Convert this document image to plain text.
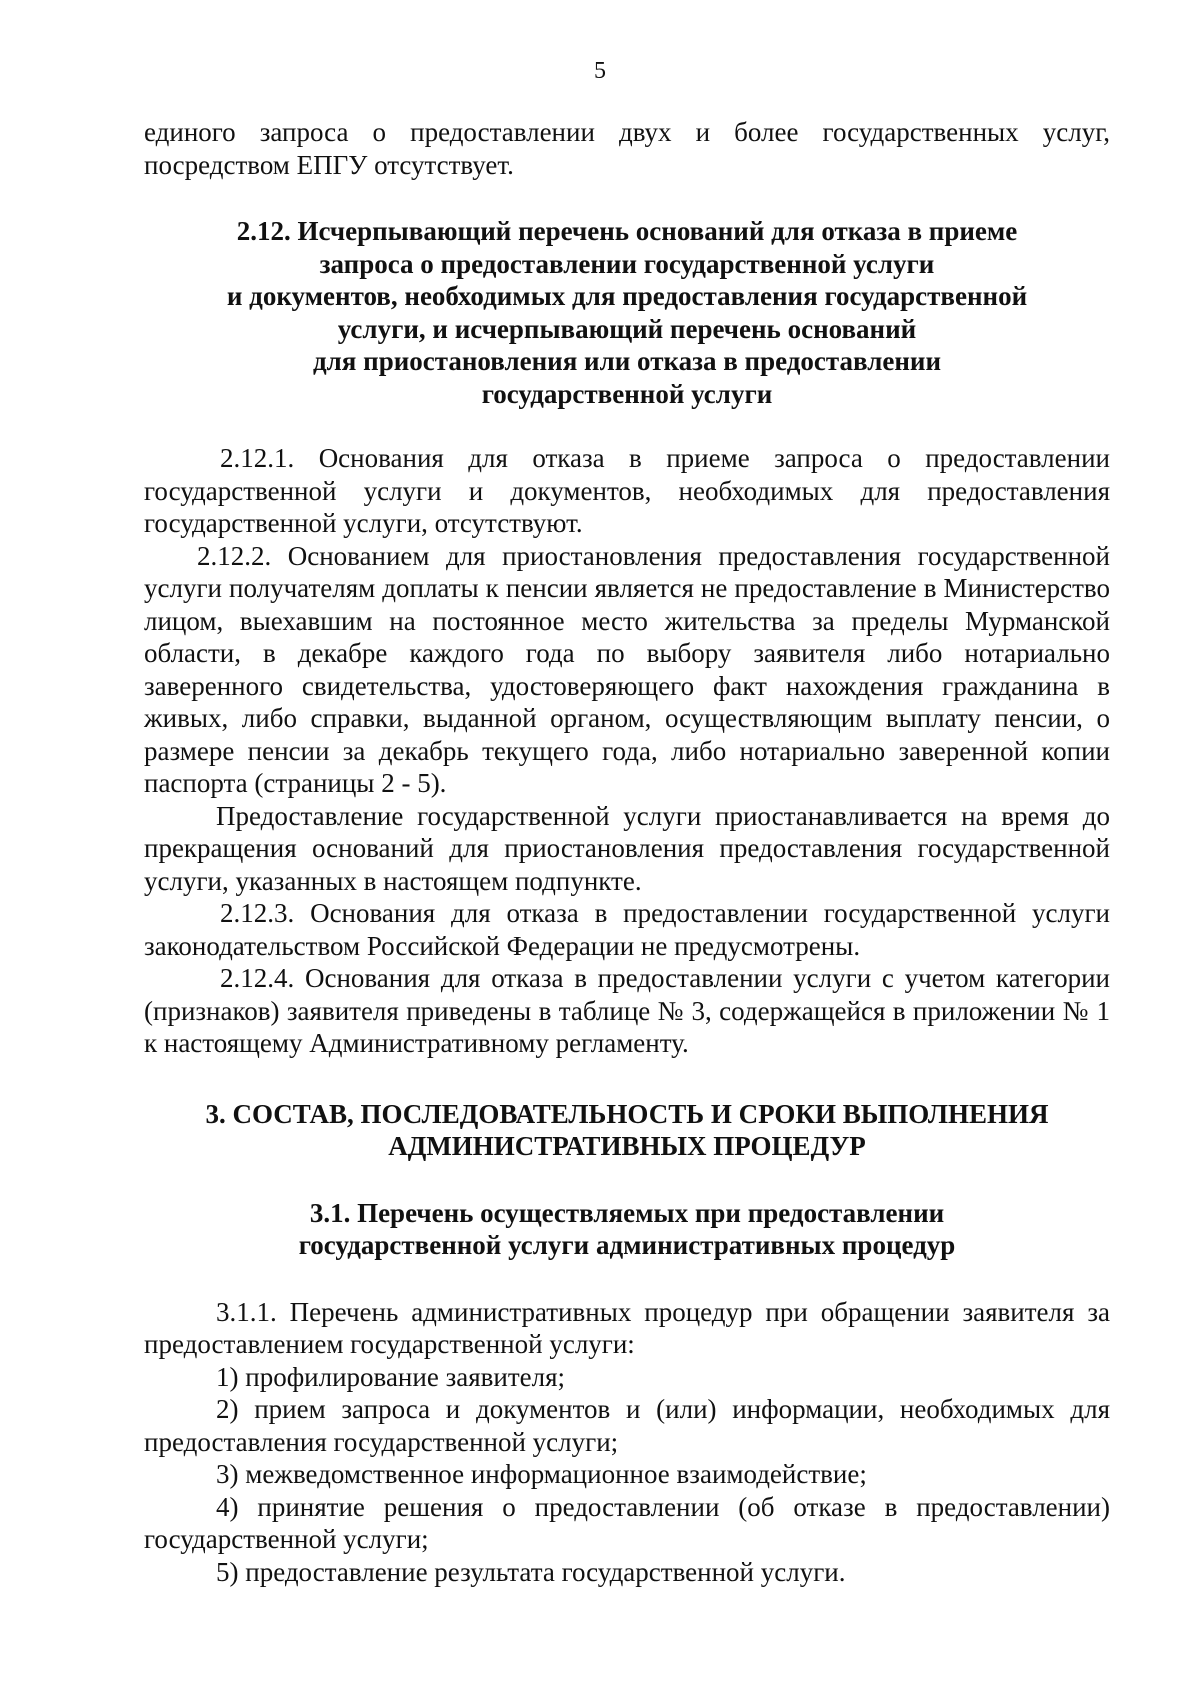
5

единого запроса о предоставлении двух и более государственных услуг, посредством ЕПГУ отсутствует.

2.12. Исчерпывающий перечень оснований для отказа в приеме
запроса о предоставлении государственной услуги
и документов, необходимых для предоставления государственной
услуги, и исчерпывающий перечень оснований
для приостановления или отказа в предоставлении
государственной услуги

2.12.1. Основания для отказа в приеме запроса о предоставлении государственной услуги и документов, необходимых для предоставления государственной услуги, отсутствуют.

2.12.2. Основанием для приостановления предоставления государственной услуги получателям доплаты к пенсии является не предоставление в Министерство лицом, выехавшим на постоянное место жительства за пределы Мурманской области, в декабре каждого года по выбору заявителя либо нотариально заверенного свидетельства, удостоверяющего факт нахождения гражданина в живых, либо справки, выданной органом, осуществляющим выплату пенсии, о размере пенсии за декабрь текущего года, либо нотариально заверенной копии паспорта (страницы 2 - 5).

Предоставление государственной услуги приостанавливается на время до прекращения оснований для приостановления предоставления государственной услуги, указанных в настоящем подпункте.

2.12.3. Основания для отказа в предоставлении государственной услуги законодательством Российской Федерации не предусмотрены.

2.12.4. Основания для отказа в предоставлении услуги с учетом категории (признаков) заявителя приведены в таблице № 3, содержащейся в приложении № 1 к настоящему Административному регламенту.

3. СОСТАВ, ПОСЛЕДОВАТЕЛЬНОСТЬ И СРОКИ ВЫПОЛНЕНИЯ
АДМИНИСТРАТИВНЫХ ПРОЦЕДУР
3.1. Перечень осуществляемых при предоставлении
государственной услуги административных процедур

3.1.1. Перечень административных процедур при обращении заявителя за предоставлением государственной услуги:

1) профилирование заявителя;

2) прием запроса и документов и (или) информации, необходимых для предоставления государственной услуги;

3) межведомственное информационное взаимодействие;

4) принятие решения о предоставлении (об отказе в предоставлении) государственной услуги;

5) предоставление результата государственной услуги.
